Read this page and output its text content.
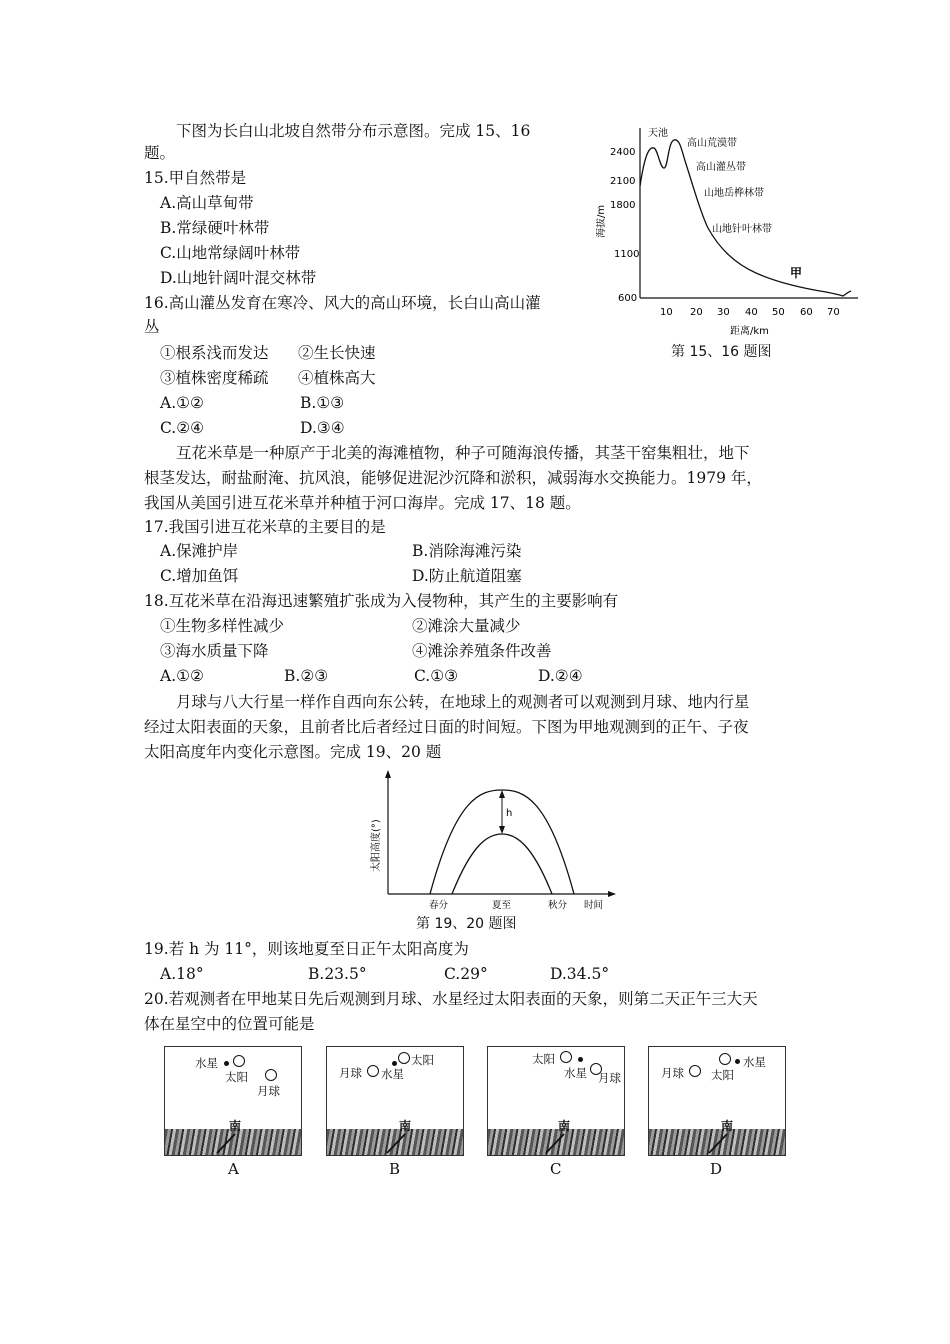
下图为长白山北坡自然带分布示意图。完成 15、16
题。
15.甲自然带是
A.高山草甸带
B.常绿硬叶林带
C.山地常绿阔叶林带
D.山地针阔叶混交林带
16.高山灌丛发育在寒冷、风大的高山环境，长白山高山灌
丛
①根系浅而发达 ②生长快速
③植株密度稀疏 ④植株高大
A.①②	B.①③
C.②④	D.③④
2400
2100
1800
1100
600
海拔/m
10 20 30 40 50 60 70
距离/km
天池
高山荒漠带
高山灌丛带
山地岳桦林带
山地针叶林带
甲
第 15、16 题图
互花米草是一种原产于北美的海滩植物，种子可随海浪传播，其茎干窑集粗壮，地下
根茎发达，耐盐耐淹、抗风浪，能够促进泥沙沉降和淤积，减弱海水交换能力。1979 年，
我国从美国引进互花米草并种植于河口海岸。完成 17、18 题。
17.我国引进互花米草的主要目的是
A.保滩护岸	B.消除海滩污染
C.增加鱼饵	D.防止航道阻塞
18.互花米草在沿海迅速繁殖扩张成为入侵物种，其产生的主要影响有
①生物多样性减少	②滩涂大量减少
③海水质量下降	④滩涂养殖条件改善
A.①②	B.②③	C.①③	D.②④
月球与八大行星一样作自西向东公转，在地球上的观测者可以观测到月球、地内行星
经过太阳表面的天象，且前者比后者经过日面的时间短。下图为甲地观测到的正午、子夜
太阳高度年内变化示意图。完成 19、20 题
太阳高度(°)
h
春分	夏至	秋分 时间
第 19、20 题图
19.若 h 为 11°，则该地夏至日正午太阳高度为
A.18°	B.23.5°	C.29°	D.34.5°
20.若观测者在甲地某日先后观测到月球、水星经过太阳表面的天象，则第二天正午三大天
体在星空中的位置可能是
水星
太阳
月球
南
A
月球
太阳
水星
南
B
太阳
水星 月球
南
C
月球 太阳
水星
南
D
